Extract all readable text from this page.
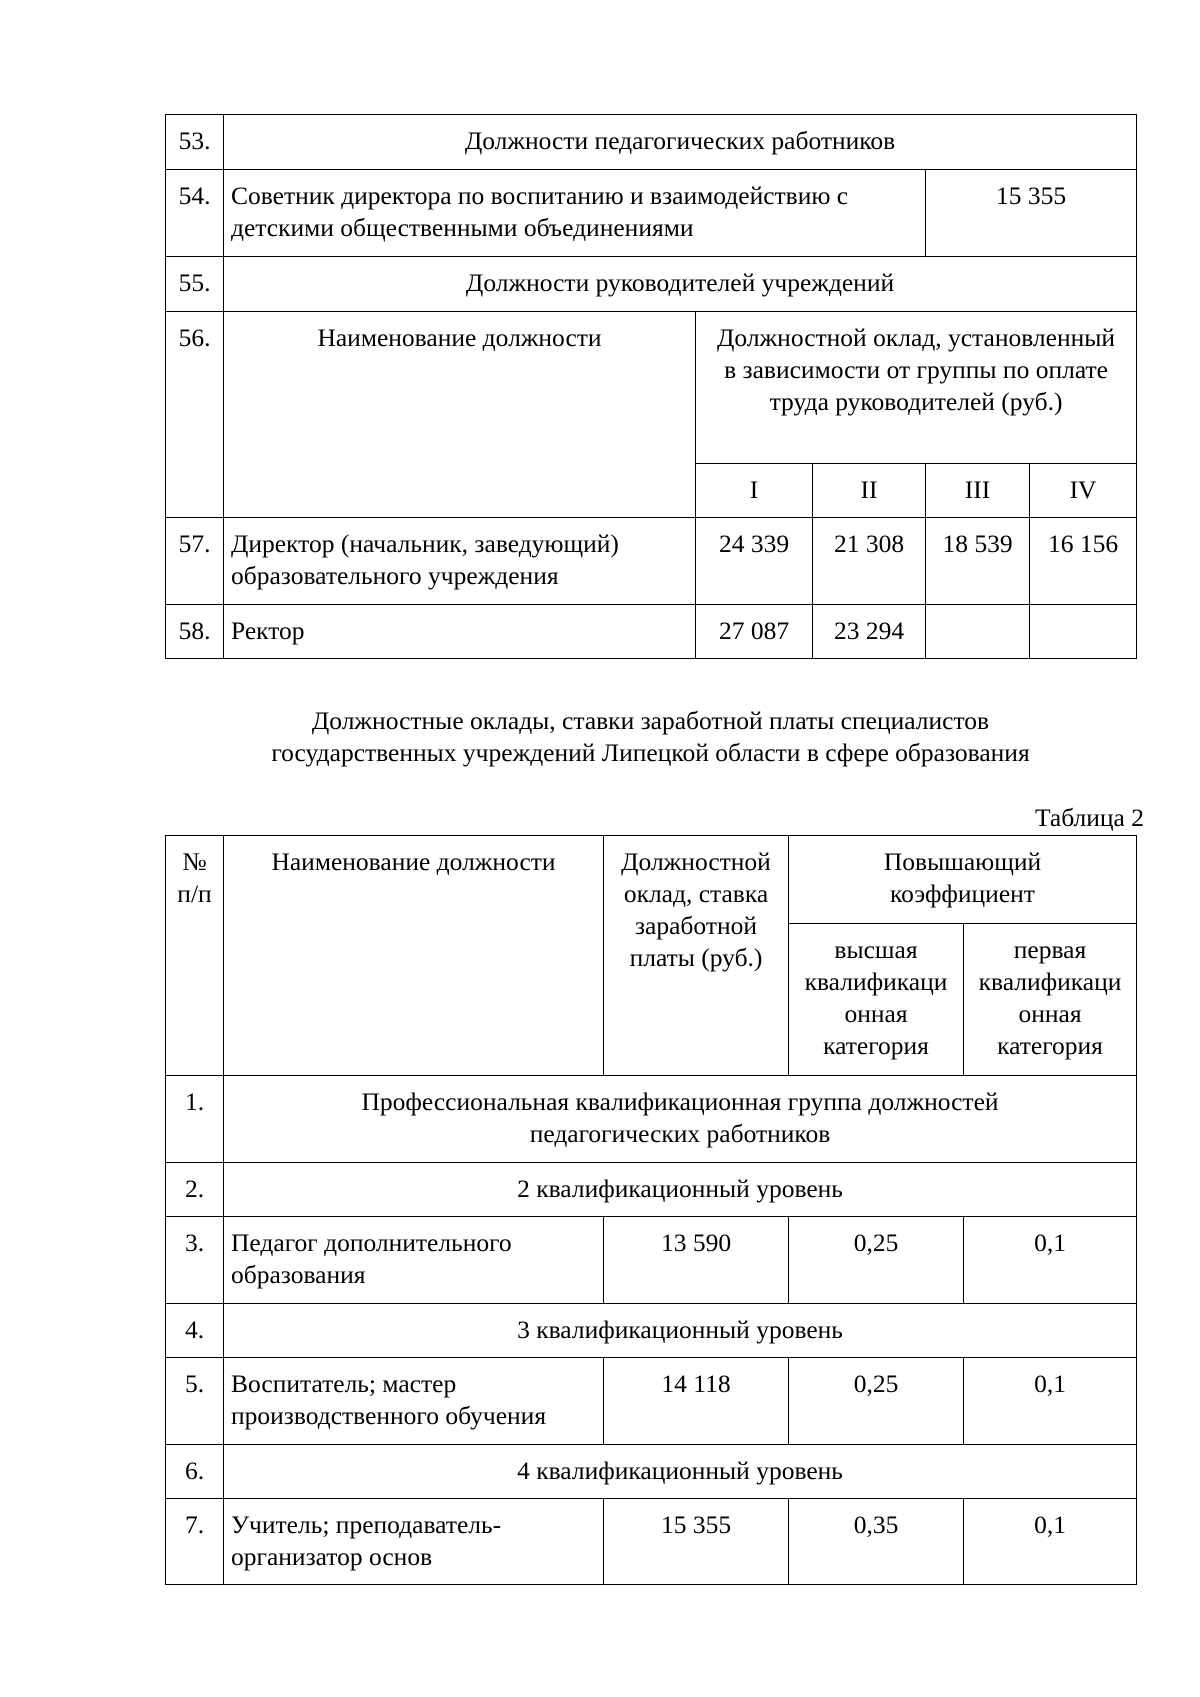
53.	Должности педагогических работников				
54.	Советник директора по воспитанию и взаимодействию с детскими общественными объединениями			15 355	
55.	Должности руководителей учреждений				
56.	Наименование должности	Должностной оклад, установленный в зависимости от группы по оплате труда руководителей (руб.)			
		I	II	III	IV
57.	Директор (начальник, заведующий) образовательного учреждения	24 339	21 308	18 539	16 156
58.	Ректор	27 087	23 294		
Должностные оклады, ставки заработной платы специалистов
государственных учреждений Липецкой области в сфере образования
Таблица 2
№ п/п	Наименование должности	Должностной оклад, ставка заработной платы (руб.)	Повышающий коэффициент	
			высшая квалификаци онная категория	первая квалификаци онная категория
1.	Профессиональная квалификационная группа должностей педагогических работников			
2.	2 квалификационный уровень			
3.	Педагог дополнительного образования	13 590	0,25	0,1
4.	3 квалификационный уровень			
5.	Воспитатель; мастер производственного обучения	14 118	0,25	0,1
6.	4 квалификационный уровень			
7.	Учитель; преподаватель-организатор основ	15 355	0,35	0,1
